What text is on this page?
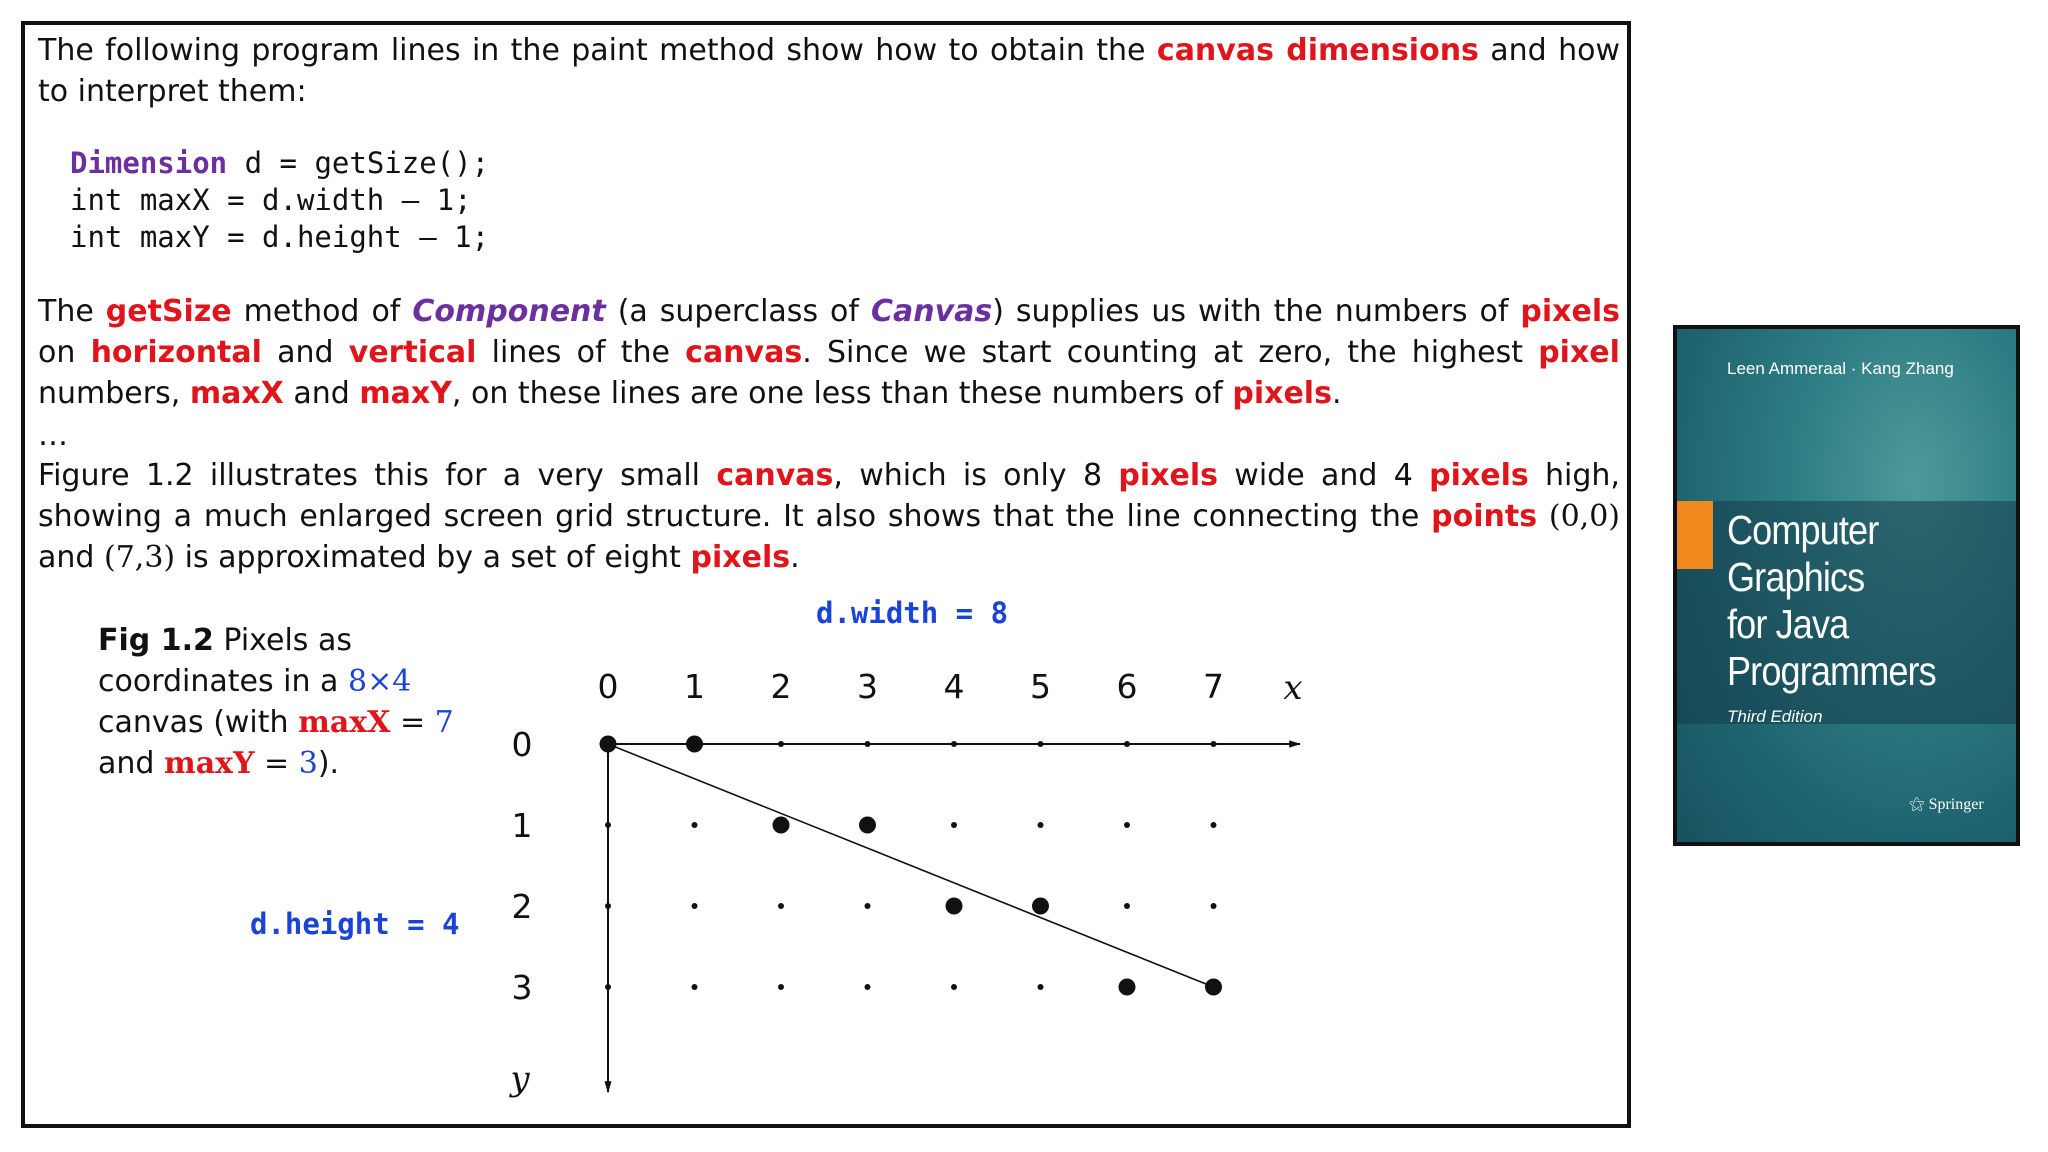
The following program lines in the paint method show how to obtain the canvas dimensions and how to interpret them:

Dimension d = getSize();
int maxX = d.width – 1;
int maxY = d.height – 1;

The getSize method of Component (a superclass of Canvas) supplies us with the numbers of pixels on horizontal and vertical lines of the canvas. Since we start counting at zero, the highest pixel numbers, maxX and maxY, on these lines are one less than these numbers of pixels.

…

Figure 1.2 illustrates this for a very small canvas, which is only 8 pixels wide and 4 pixels high, showing a much enlarged screen grid structure. It also shows that the line connecting the points (0,0) and (7,3) is approximated by a set of eight pixels.

Fig 1.2 Pixels as coordinates in a 8×4 canvas (with maxX = 7 and maxY = 3).
d.width = 8
d.height = 4
0 1 2 3 4 5 6 7 x
0
1
2
3
y
Leen Ammeraal · Kang Zhang
Computer
Graphics
for Java
Programmers
Third Edition
⚝ Springer
